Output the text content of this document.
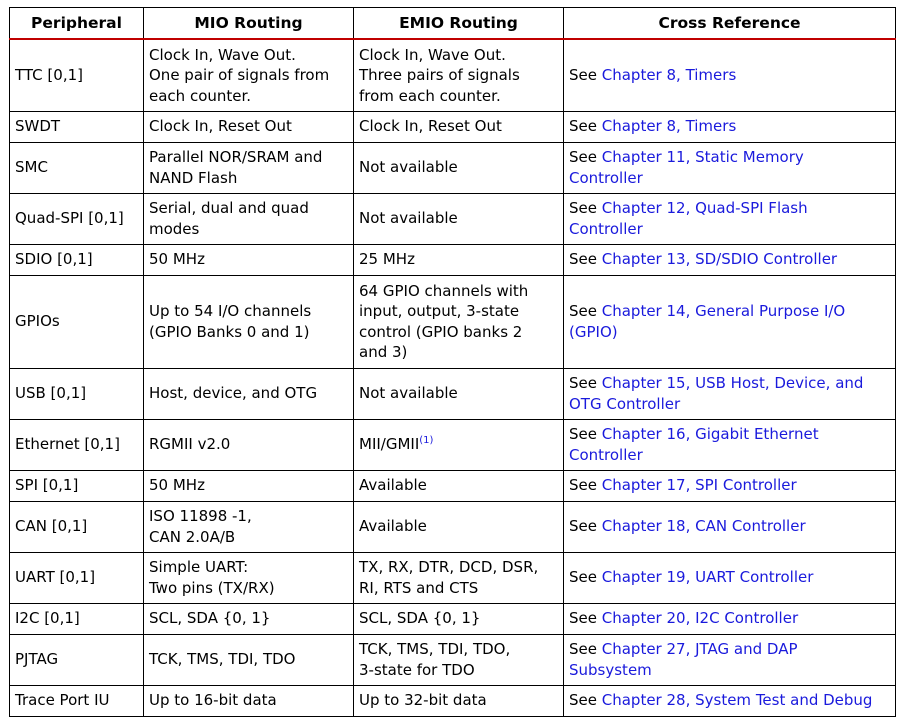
Peripheral	MIO Routing	EMIO Routing	Cross Reference
TTC [0,1]	Clock In, Wave Out.
One pair of signals from
each counter.	Clock In, Wave Out.
Three pairs of signals
from each counter.	See Chapter 8, Timers

SWDT	Clock In, Reset Out	Clock In, Reset Out	See Chapter 8, Timers

SMC	Parallel NOR/SRAM and
NAND Flash	Not available	See Chapter 11, Static Memory
Controller

Quad-SPI [0,1]	Serial, dual and quad
modes	Not available	See Chapter 12, Quad-SPI Flash
Controller

SDIO [0,1]	50 MHz	25 MHz	See Chapter 13, SD/SDIO Controller

GPIOs	Up to 54 I/O channels
(GPIO Banks 0 and 1)	64 GPIO channels with
input, output, 3-state
control (GPIO banks 2
and 3)	See Chapter 14, General Purpose I/O
(GPIO)

USB [0,1]	Host, device, and OTG	Not available	See Chapter 15, USB Host, Device, and
OTG Controller

Ethernet [0,1]	RGMII v2.0	MII/GMII$^{(1)}$	See Chapter 16, Gigabit Ethernet
Controller

SPI [0,1]	50 MHz	Available	See Chapter 17, SPI Controller

CAN [0,1]	ISO 11898 -1,
CAN 2.0A/B	Available	See Chapter 18, CAN Controller

UART [0,1]	Simple UART:
Two pins (TX/RX)	TX, RX, DTR, DCD, DSR,
RI, RTS and CTS	See Chapter 19, UART Controller

I2C [0,1]	SCL, SDA {0, 1}	SCL, SDA {0, 1}	See Chapter 20, I2C Controller

PJTAG	TCK, TMS, TDI, TDO	TCK, TMS, TDI, TDO,
3-state for TDO	See Chapter 27, JTAG and DAP
Subsystem

Trace Port IU	Up to 16-bit data	Up to 32-bit data	See Chapter 28, System Test and Debug
